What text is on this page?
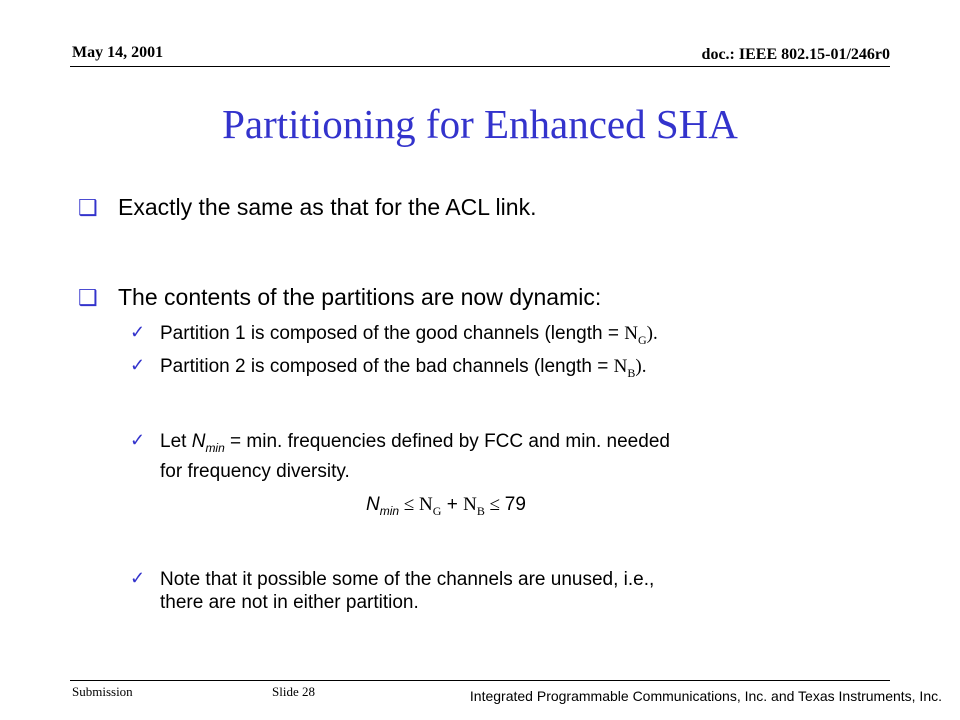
May 14, 2001	doc.: IEEE 802.15-01/246r0
Partitioning for Enhanced SHA
❑ Exactly the same as that for the ACL link.
❑ The contents of the partitions are now dynamic:
✓ Partition 1 is composed of the good channels (length = $N_G$).
✓ Partition 2 is composed of the bad channels (length = $N_B$).
✓ Let $N_{min} = \min$. frequencies defined by FCC and min. needed
for frequency diversity.
$N_{min} \le N_G + N_B \le 79$
✓ Note that it possible some of the channels are unused, i.e.,
there are not in either partition.
Submission	Slide 28	Integrated Programmable Communications, Inc. and Texas Instruments, Inc.
